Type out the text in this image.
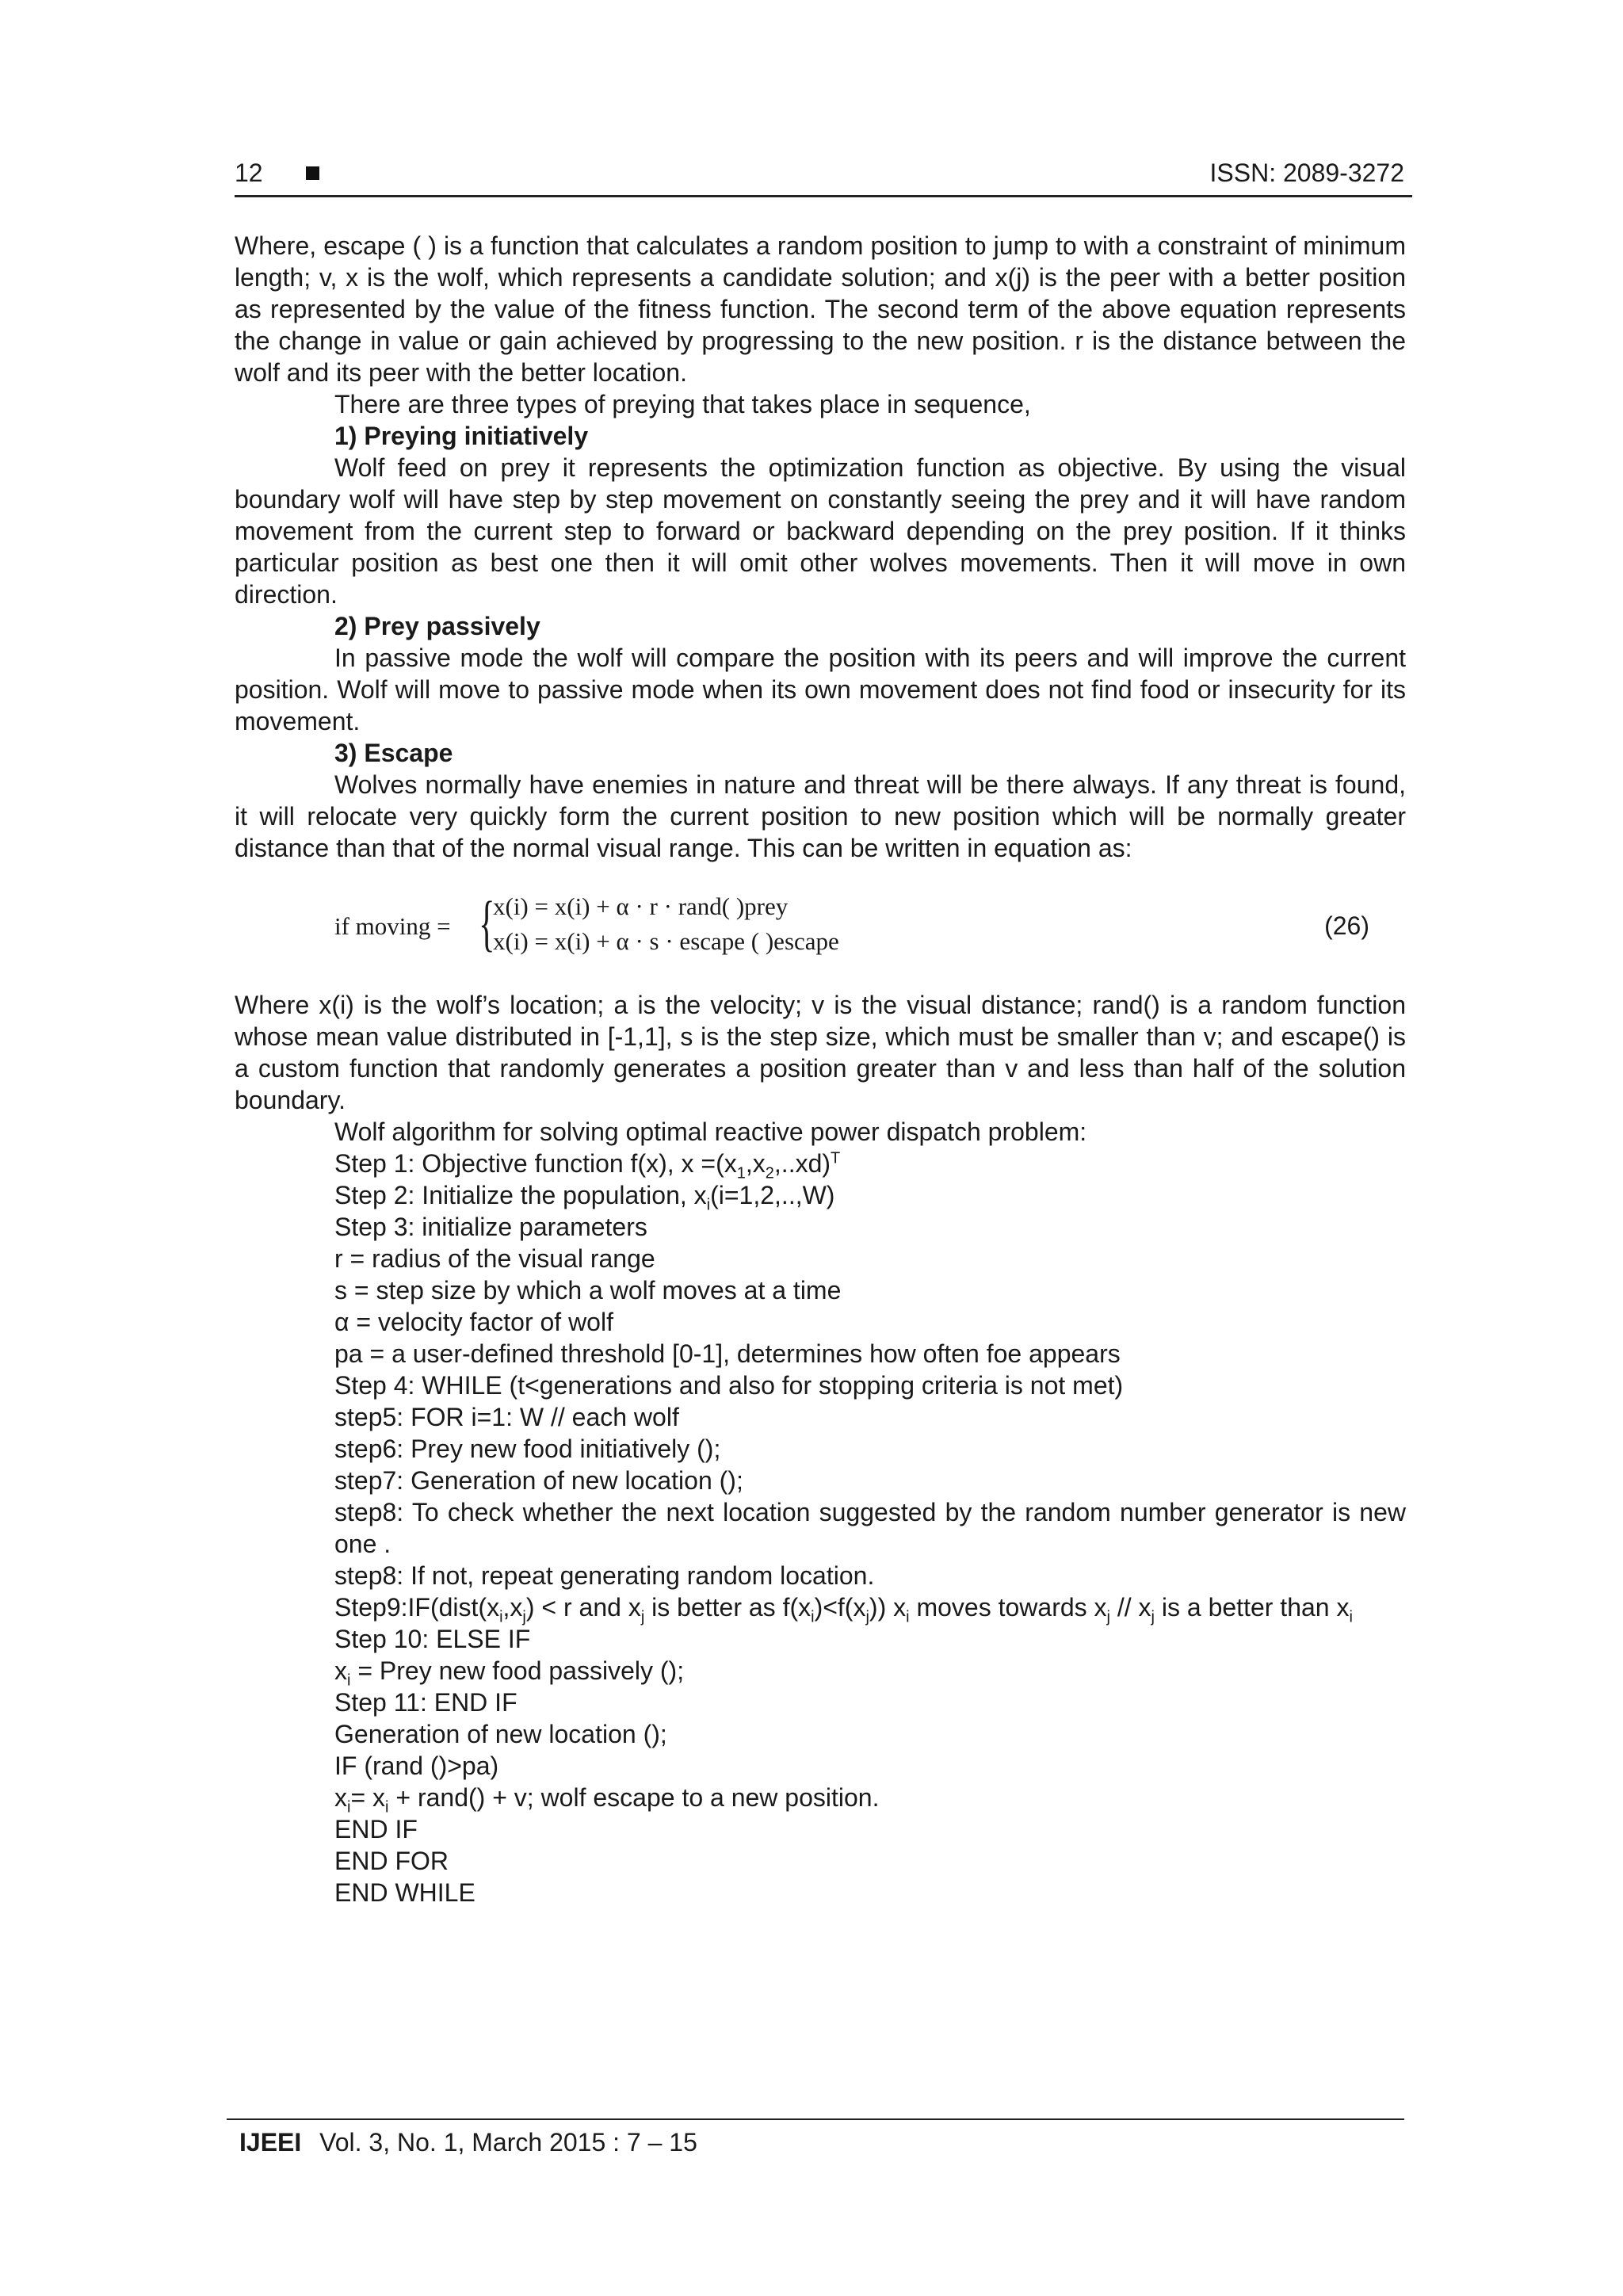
12	ISSN: 2089-3272

Where, escape ( ) is a function that calculates a random position to jump to with a constraint of minimum length; v, x is the wolf, which represents a candidate solution; and x(j) is the peer with a better position as represented by the value of the fitness function. The second term of the above equation represents the change in value or gain achieved by progressing to the new position. r is the distance between the wolf and its peer with the better location.

There are three types of preying that takes place in sequence,

1) Preying initiatively

Wolf feed on prey it represents the optimization function as objective. By using the visual boundary wolf will have step by step movement on constantly seeing the prey and it will have random movement from the current step to forward or backward depending on the prey position. If it thinks particular position as best one then it will omit other wolves movements. Then it will move in own direction.

2) Prey passively

In passive mode the wolf will compare the position with its peers and will improve the current position. Wolf will move to passive mode when its own movement does not find food or insecurity for its movement.

3) Escape

Wolves normally have enemies in nature and threat will be there always. If any threat is found, it will relocate very quickly form the current position to new position which will be normally greater distance than that of the normal visual range. This can be written in equation as:

if moving = {
x(i) = x(i) + α · r · rand( )prey
x(i) = x(i) + α · s · escape ( )escape
(26)

Where x(i) is the wolf’s location; a is the velocity; v is the visual distance; rand() is a random function whose mean value distributed in [-1,1], s is the step size, which must be smaller than v; and escape() is a custom function that randomly generates a position greater than v and less than half of the solution boundary.

Wolf algorithm for solving optimal reactive power dispatch problem:

Step 1: Objective function f(x), $x =(x_1,x_2,..xd)^T$

Step 2: Initialize the population, $x_i(i=1,2,..,W)$

Step 3: initialize parameters

r = radius of the visual range

s = step size by which a wolf moves at a time

α = velocity factor of wolf

pa = a user-defined threshold [0-1], determines how often foe appears

Step 4: WHILE (t<generations and also for stopping criteria is not met)

step5: FOR i=1: W // each wolf

step6: Prey new food initiatively ();

step7: Generation of new location ();

step8: To check whether the next location suggested by the random number generator is new one .

step8: If not, repeat generating random location.

$Step9:IF(dist(x_i,x_j) < r$ and $x_j$ is better as $f(x_i)<f(x_j)$) $x_i$ moves towards $x_j // x_j$ is a better than $x_i$

Step 10: ELSE IF

$x_i$ = Prey new food passively ();

Step 11: END IF

Generation of new location ();

IF (rand ()>pa)

$x_i= x_i$ + rand() + v; wolf escape to a new position.

END IF

END FOR

END WHILE

IJEEI Vol. 3, No. 1, March 2015 : 7 – 15
